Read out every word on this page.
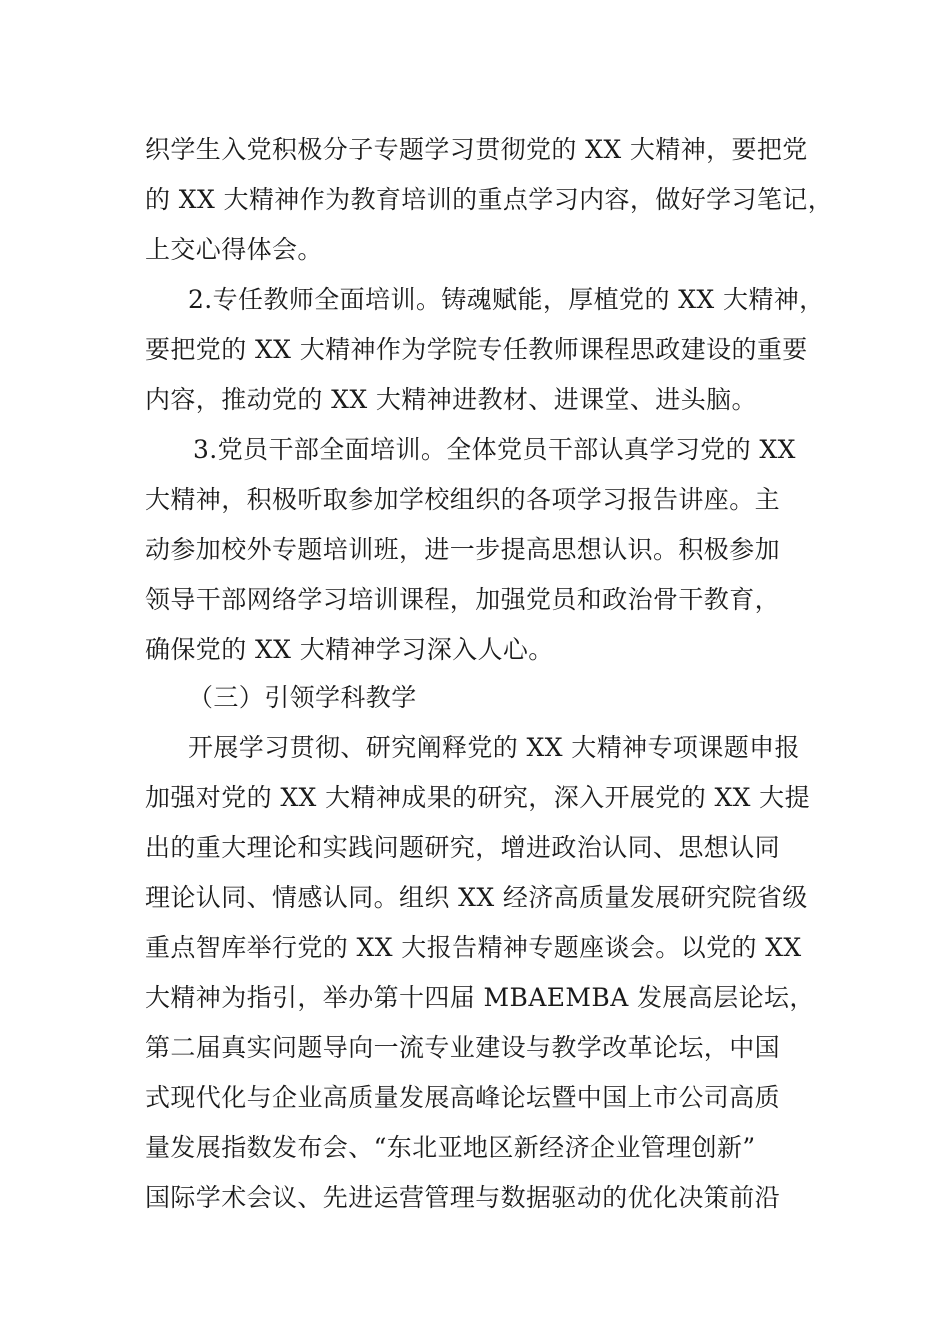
织学生入党积极分子专题学习贯彻党的 XX 大精神，要把党
的 XX 大精神作为教育培训的重点学习内容，做好学习笔记，
上交心得体会。
2.专任教师全面培训。铸魂赋能，厚植党的 XX 大精神，
要把党的 XX 大精神作为学院专任教师课程思政建设的重要
内容，推动党的 XX 大精神进教材、进课堂、进头脑。
3.党员干部全面培训。全体党员干部认真学习党的 XX
大精神，积极听取参加学校组织的各项学习报告讲座。主
动参加校外专题培训班，进一步提高思想认识。积极参加
领导干部网络学习培训课程，加强党员和政治骨干教育，
确保党的 XX 大精神学习深入人心。
（三）引领学科教学
开展学习贯彻、研究阐释党的 XX 大精神专项课题申报
加强对党的 XX 大精神成果的研究，深入开展党的 XX 大提
出的重大理论和实践问题研究，增进政治认同、思想认同
理论认同、情感认同。组织 XX 经济高质量发展研究院省级
重点智库举行党的 XX 大报告精神专题座谈会。以党的 XX
大精神为指引，举办第十四届 MBAEMBA 发展高层论坛，
第二届真实问题导向一流专业建设与教学改革论坛，中国
式现代化与企业高质量发展高峰论坛暨中国上市公司高质
量发展指数发布会、“东北亚地区新经济企业管理创新”
国际学术会议、先进运营管理与数据驱动的优化决策前沿
